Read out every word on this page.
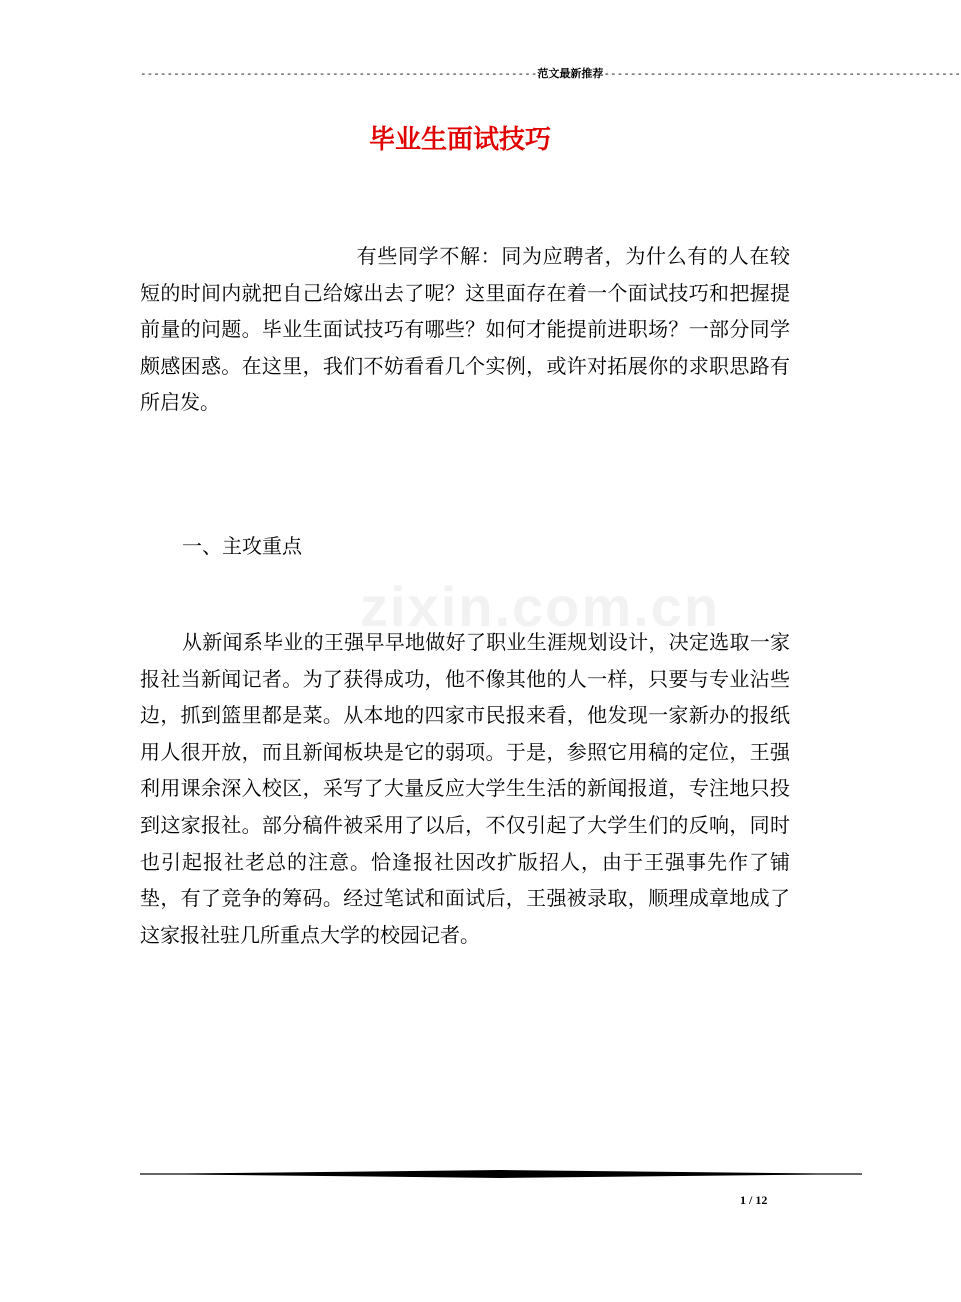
------------------------------------------------------------范文最新推荐------------------------------------------------------
毕业生面试技巧
zixin.com.cn

有些同学不解：同为应聘者，为什么有的人在较短的时间内就把自己给嫁出去了呢？这里面存在着一个面试技巧和把握提前量的问题。毕业生面试技巧有哪些？如何才能提前进职场？一部分同学颇感困惑。在这里，我们不妨看看几个实例，或许对拓展你的求职思路有所启发。

一、主攻重点

从新闻系毕业的王强早早地做好了职业生涯规划设计，决定选取一家报社当新闻记者。为了获得成功，他不像其他的人一样，只要与专业沾些边，抓到篮里都是菜。从本地的四家市民报来看，他发现一家新办的报纸用人很开放，而且新闻板块是它的弱项。于是，参照它用稿的定位，王强利用课余深入校区，采写了大量反应大学生生活的新闻报道，专注地只投到这家报社。部分稿件被采用了以后，不仅引起了大学生们的反响，同时也引起报社老总的注意。恰逢报社因改扩版招人，由于王强事先作了铺垫，有了竞争的筹码。经过笔试和面试后，王强被录取，顺理成章地成了这家报社驻几所重点大学的校园记者。

1 / 12
